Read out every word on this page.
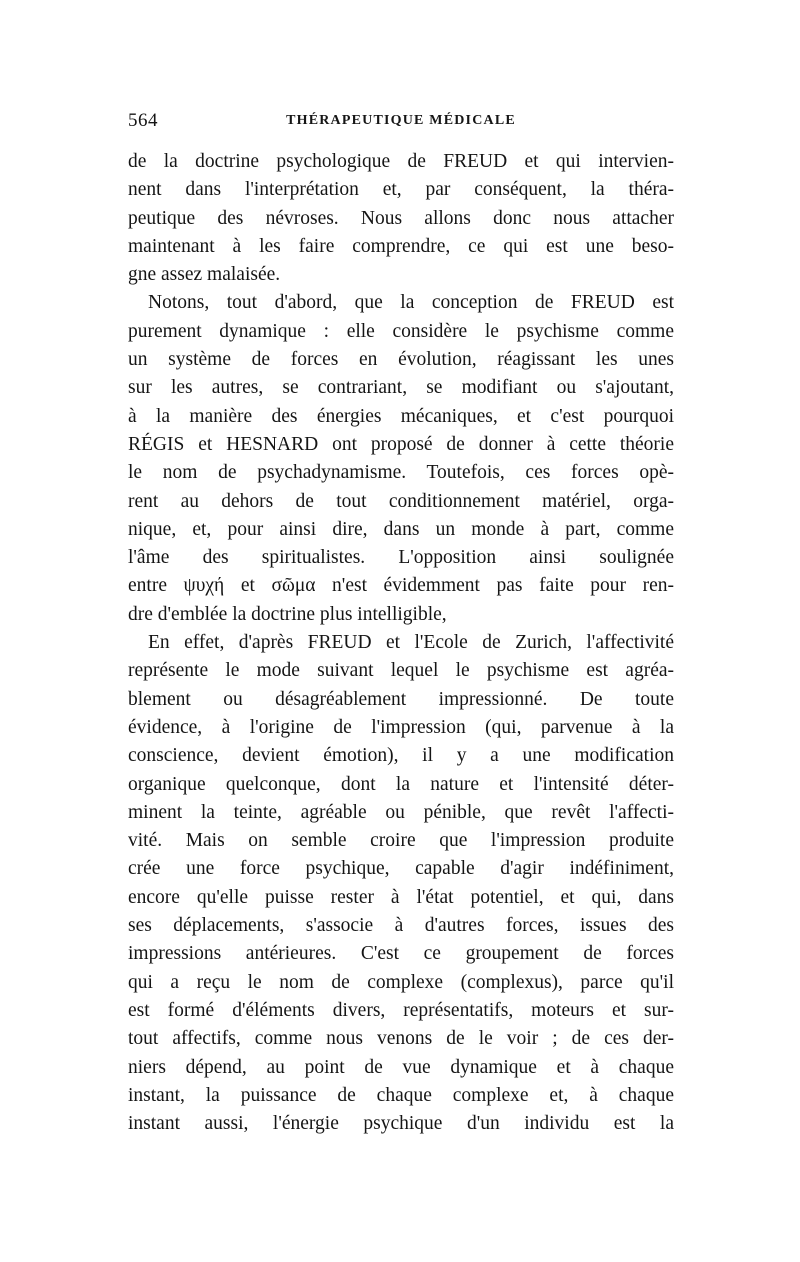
564	THÉRAPEUTIQUE MÉDICALE
de la doctrine psychologique de FREUD et qui intervien-
nent dans l'interprétation et, par conséquent, la théra-
peutique des névroses. Nous allons donc nous attacher
maintenant à les faire comprendre, ce qui est une beso-
gne assez malaisée.
Notons, tout d'abord, que la conception de FREUD est
purement dynamique : elle considère le psychisme comme
un système de forces en évolution, réagissant les unes
sur les autres, se contrariant, se modifiant ou s'ajoutant,
à la manière des énergies mécaniques, et c'est pourquoi
RÉGIS et HESNARD ont proposé de donner à cette théorie
le nom de psychadynamisme. Toutefois, ces forces opè-
rent au dehors de tout conditionnement matériel, orga-
nique, et, pour ainsi dire, dans un monde à part, comme
l'âme des spiritualistes. L'opposition ainsi soulignée
entre ψυχή et σῶμα n'est évidemment pas faite pour ren-
dre d'emblée la doctrine plus intelligible,
En effet, d'après FREUD et l'Ecole de Zurich, l'affectivité
représente le mode suivant lequel le psychisme est agréa-
blement ou désagréablement impressionné. De toute
évidence, à l'origine de l'impression (qui, parvenue à la
conscience, devient émotion), il y a une modification
organique quelconque, dont la nature et l'intensité déter-
minent la teinte, agréable ou pénible, que revêt l'affecti-
vité. Mais on semble croire que l'impression produite
crée une force psychique, capable d'agir indéfiniment,
encore qu'elle puisse rester à l'état potentiel, et qui, dans
ses déplacements, s'associe à d'autres forces, issues des
impressions antérieures. C'est ce groupement de forces
qui a reçu le nom de complexe (complexus), parce qu'il
est formé d'éléments divers, représentatifs, moteurs et sur-
tout affectifs, comme nous venons de le voir ; de ces der-
niers dépend, au point de vue dynamique et à chaque
instant, la puissance de chaque complexe et, à chaque
instant aussi, l'énergie psychique d'un individu est la
